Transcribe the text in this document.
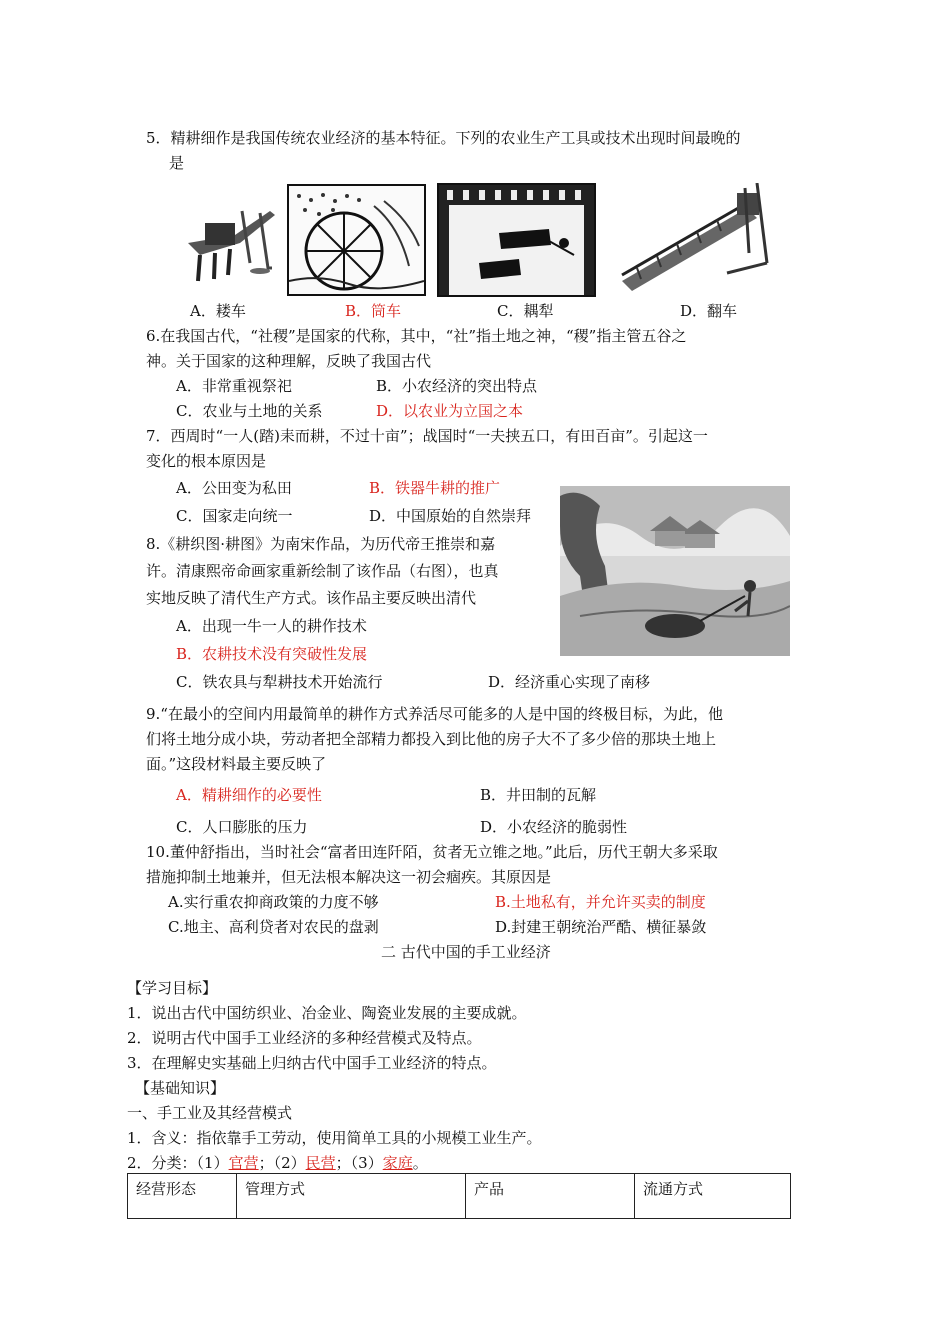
5．精耕细作是我国传统农业经济的基本特征。下列的农业生产工具或技术出现时间最晚的
是
A．耧车	B．筒车	C．耦犁	D．翻车
6.在我国古代，“社稷”是国家的代称，其中，“社”指土地之神，“稷”指主管五谷之
神。关于国家的这种理解，反映了我国古代
A．非常重视祭祀	B．小农经济的突出特点
C．农业与土地的关系	D．以农业为立国之本
7．西周时“一人(踏)耒而耕，不过十亩”；战国时“一夫挟五口，有田百亩”。引起这一
变化的根本原因是
A．公田变为私田	B．铁器牛耕的推广
C．国家走向统一	D．中国原始的自然崇拜
8.《耕织图·耕图》为南宋作品，为历代帝王推崇和嘉
许。清康熙帝命画家重新绘制了该作品（右图），也真
实地反映了清代生产方式。该作品主要反映出清代
A．出现一牛一人的耕作技术
B．农耕技术没有突破性发展
C．铁农具与犁耕技术开始流行	D．经济重心实现了南移
9.“在最小的空间内用最简单的耕作方式养活尽可能多的人是中国的终极目标，为此，他
们将土地分成小块，劳动者把全部精力都投入到比他的房子大不了多少倍的那块土地上
面。”这段材料最主要反映了
A．精耕细作的必要性	B．井田制的瓦解
C．人口膨胀的压力	D．小农经济的脆弱性
10.董仲舒指出，当时社会“富者田连阡陌，贫者无立锥之地。”此后，历代王朝大多采取
措施抑制土地兼并，但无法根本解决这一初会痼疾。其原因是
A.实行重农抑商政策的力度不够	B.土地私有，并允许买卖的制度
C.地主、高利贷者对农民的盘剥	D.封建王朝统治严酷、横征暴敛
二 古代中国的手工业经济
【学习目标】
1．说出古代中国纺织业、冶金业、陶瓷业发展的主要成就。
2．说明古代中国手工业经济的多种经营模式及特点。
3．在理解史实基础上归纳古代中国手工业经济的特点。
【基础知识】
一、手工业及其经营模式
1．含义：指依靠手工劳动，使用简单工具的小规模工业生产。
2．分类：（1）官营；（2）民营；（3）家庭。
经营形态	管理方式	产品	流通方式
